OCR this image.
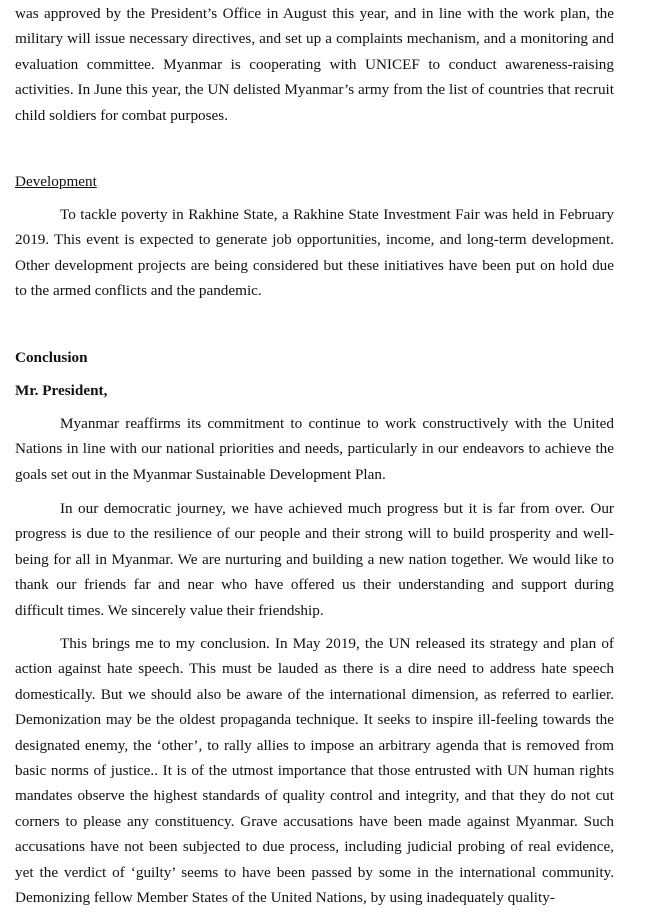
was approved by the President’s Office in August this year, and in line with the work plan, the military will issue necessary directives, and set up a complaints mechanism, and a monitoring and evaluation committee. Myanmar is cooperating with UNICEF to conduct awareness-raising activities. In June this year, the UN delisted Myanmar’s army from the list of countries that recruit child soldiers for combat purposes.

Development

To tackle poverty in Rakhine State, a Rakhine State Investment Fair was held in February 2019. This event is expected to generate job opportunities, income, and long-term development. Other development projects are being considered but these initiatives have been put on hold due to the armed conflicts and the pandemic.

Conclusion

Mr. President,

Myanmar reaffirms its commitment to continue to work constructively with the United Nations in line with our national priorities and needs, particularly in our endeavors to achieve the goals set out in the Myanmar Sustainable Development Plan.

In our democratic journey, we have achieved much progress but it is far from over. Our progress is due to the resilience of our people and their strong will to build prosperity and well-being for all in Myanmar. We are nurturing and building a new nation together. We would like to thank our friends far and near who have offered us their understanding and support during difficult times. We sincerely value their friendship.

This brings me to my conclusion. In May 2019, the UN released its strategy and plan of action against hate speech. This must be lauded as there is a dire need to address hate speech domestically. But we should also be aware of the international dimension, as referred to earlier. Demonization may be the oldest propaganda technique. It seeks to inspire ill-feeling towards the designated enemy, the ‘other’, to rally allies to impose an arbitrary agenda that is removed from basic norms of justice.. It is of the utmost importance that those entrusted with UN human rights mandates observe the highest standards of quality control and integrity, and that they do not cut corners to please any constituency. Grave accusations have been made against Myanmar. Such accusations have not been subjected to due process, including judicial probing of real evidence, yet the verdict of ‘guilty’ seems to have been passed by some in the international community. Demonizing fellow Member States of the United Nations, by using inadequately quality-
